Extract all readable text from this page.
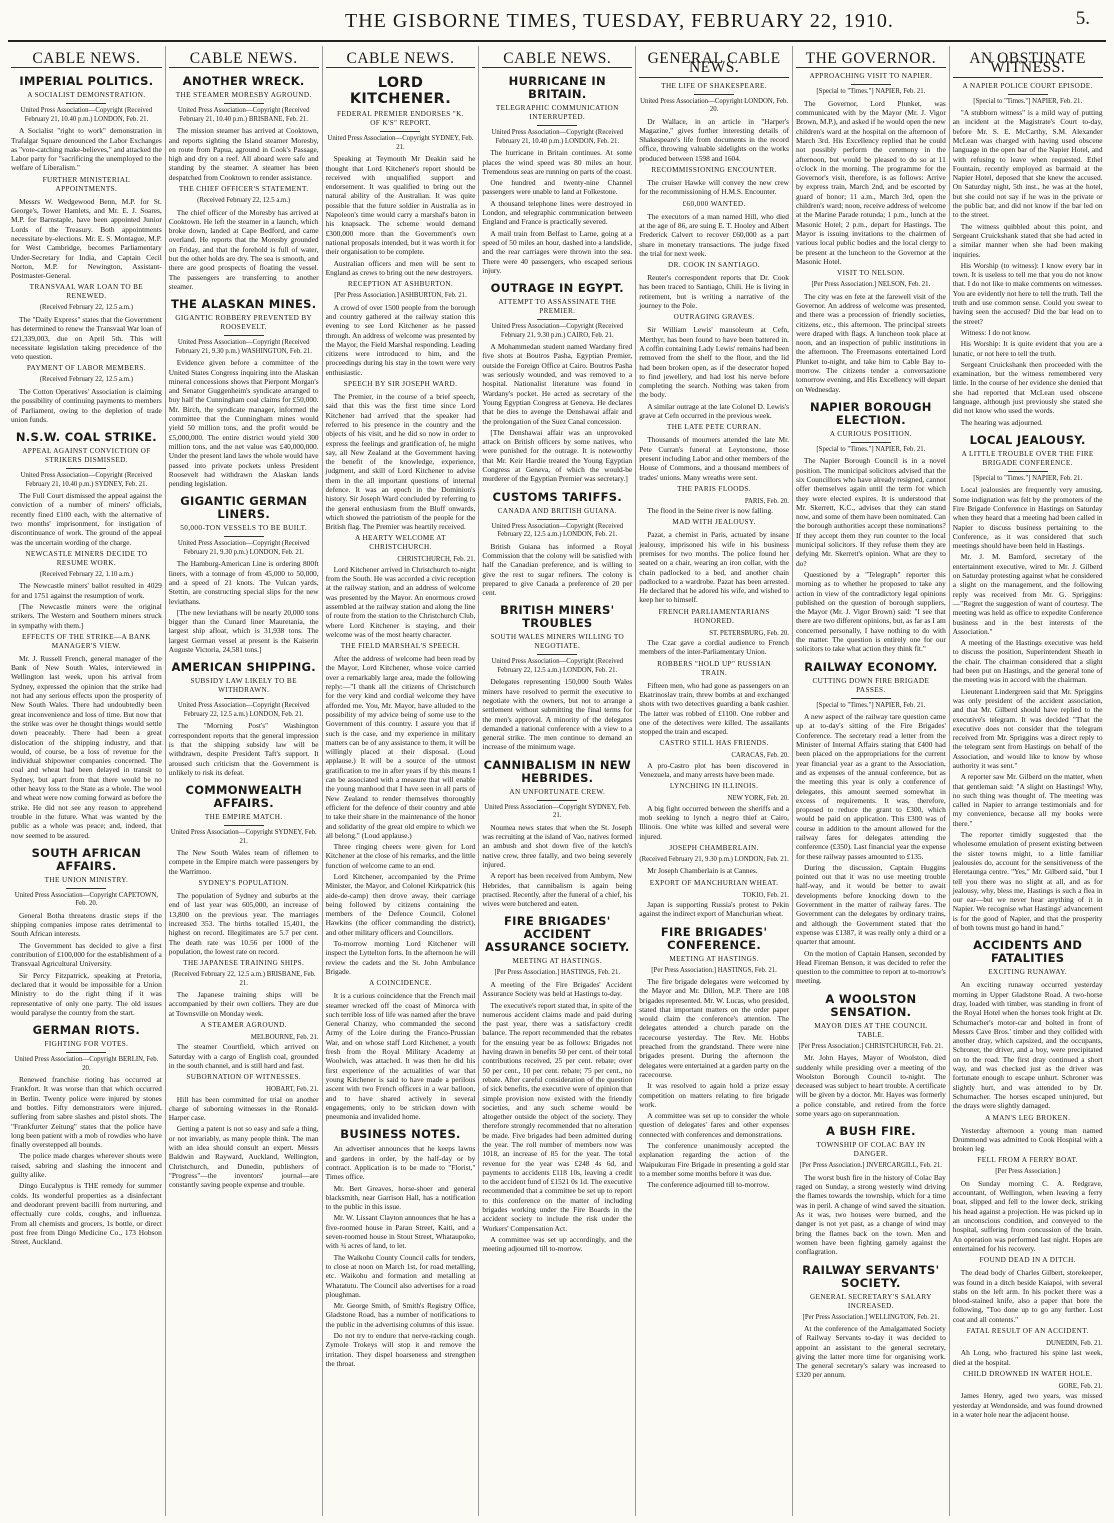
THE GISBORNE TIMES, TUESDAY, FEBRUARY 22, 1910.	5.
CABLE NEWS.
IMPERIAL POLITICS.
A SOCIALIST DEMONSTRATION.
United Press Association—Copyright (Received February 21, 10.40 p.m.) LONDON, Feb. 21.
A Socialist "right to work" demonstration in Trafalgar Square denounced the Labor Exchanges as "vote-catching make-believes," and attacked the Labor party for "sacrificing the unemployed to the welfare of Liberalism."
FURTHER MINISTERIAL APPOINTMENTS.
Messrs W. Wedgewood Benn, M.P. for St. George's, Tower Hamlets, and Mr. E. J. Soares, M.P. for Barnstaple, have been appointed Junior Lords of the Treasury. Both appointments necessitate by-elections. Mr. E. S. Montague, M.P. for West Cambridge, becomes Parliamentary Under-Secretary for India, and Captain Cecil Norton, M.P. for Newington, Assistant-Postmaster-General.
TRANSVAAL WAR LOAN TO BE RENEWED.
(Received February 22, 12.5 a.m.)
The "Daily Express" states that the Government has determined to renew the Transvaal War loan of £21,339,003, due on April 5th. This will necessitate legislation taking precedence of the veto question.
PAYMENT OF LABOR MEMBERS.
(Received February 22, 12.5 a.m.)
The Cotton Operatives' Association is claiming the possibility of continuing payments to members of Parliament, owing to the depletion of trade union funds.
N.S.W. COAL STRIKE.
APPEAL AGAINST CONVICTION OF STRIKERS DISMISSED.
United Press Association—Copyright (Received February 21, 10.40 p.m.) SYDNEY, Feb. 21.
The Full Court dismissed the appeal against the conviction of a number of miners' officials, recently fined £100 each, with the alternative of two months' imprisonment, for instigation of discontinuance of work. The ground of the appeal was the uncertain wording of the charge.
NEWCASTLE MINERS DECIDE TO RESUME WORK.
(Received February 22, 1.10 a.m.)
The Newcastle miners' ballot resulted in 4029 for and 1751 against the resumption of work.
[The Newcastle miners were the original strikers. The Western and Southern miners struck in sympathy with them.]
EFFECTS OF THE STRIKE—A BANK MANAGER'S VIEW.
Mr. J. Russell French, general manager of the Bank of New South Wales, interviewed in Wellington last week, upon his arrival from Sydney, expressed the opinion that the strike had not had any serious effects upon the prosperity of New South Wales. There had undoubtedly been great inconvenience and loss of time. But now that the strike was over he thought things would settle down peaceably. There had been a great dislocation of the shipping industry, and that would, of course, be a loss of revenue for the individual shipowner companies concerned. The coal and wheat had been delayed in transit to Sydney, but apart from that there would be no other heavy loss to the State as a whole. The wool and wheat were now coming forward as before the strike. He did not see any reason to apprehend trouble in the future. What was wanted by the public as a whole was peace; and, indeed, that now seemed to be assured.
SOUTH AFRICAN AFFAIRS.
THE UNION MINISTRY.
United Press Association—Copyright CAPETOWN, Feb. 20.
General Botha threatens drastic steps if the shipping companies impose rates detrimental to South African interests.
The Government has decided to give a first contribution of £100,000 for the establishment of a Transvaal Agricultural University.
Sir Percy Fitzpatrick, speaking at Pretoria, declared that it would be impossible for a Union Ministry to do the right thing if it was representative of only one party. The old issues would paralyse the country from the start.
GERMAN RIOTS.
FIGHTING FOR VOTES.
United Press Association—Copyright BERLIN, Feb. 20.
Renewed franchise rioting has occurred at Frankfort. It was worse than that which occurred in Berlin. Twenty police were injured by stones and bottles. Fifty demonstrators were injured, suffering from sabre slashes and pistol shots. The "Frankfurter Zeitung" states that the police have long been patient with a mob of rowdies who have finally overstepped all bounds.
The police made charges wherever shouts were raised, sabring and slashing the innocent and guilty alike.
Dingo Eucalyptus is THE remedy for summer colds. Its wonderful properties as a disinfectant and deodorant prevent bacilli from nurturing, and effectually cure colds, coughs, and influenza. From all chemists and grocers, 1s bottle, or direct post free from Dingo Medicine Co., 173 Hobson Street, Auckland.
CABLE NEWS.
ANOTHER WRECK.
THE STEAMER MORESBY AGROUND.
United Press Association—Copyright (Received February 21, 10.40 p.m.) BRISBANE, Feb. 21.
The mission steamer has arrived at Cooktown, and reports sighting the Island steamer Moresby, en route from Papua, aground in Cook's Passage, high and dry on a reef. All aboard were safe and standing by the steamer. A steamer has been despatched from Cooktown to render assistance.
THE CHIEF OFFICER'S STATEMENT.
(Received February 22, 12.5 a.m.)
The chief officer of the Moresby has arrived at Cooktown. He left the steamer in a launch, which broke down, landed at Cape Bedford, and came overland. He reports that the Moresby grounded on Friday, and that the forehold is full of water, but the other holds are dry. The sea is smooth, and there are good prospects of floating the vessel. The passengers are transferring to another steamer.
THE ALASKAN MINES.
GIGANTIC ROBBERY PREVENTED BY ROOSEVELT.
United Press Association—Copyright (Received February 21, 9.30 p.m.) WASHINGTON, Feb. 21.
Evidence given before a committee of the United States Congress inquiring into the Alaskan mineral concessions shows that Pierpont Morgan's and Senator Guggenheim's syndicate arranged to buy half the Cunningham coal claims for £50,000. Mr. Birch, the syndicate manager, informed the committee that the Cunningham mines would yield 50 million tons, and the profit would be £5,000,000. The entire district would yield 300 million tons, and the net value was £40,000,000. Under the present land laws the whole would have passed into private pockets unless President Roosevelt had withdrawn the Alaskan lands pending legislation.
GIGANTIC GERMAN LINERS.
50,000-TON VESSELS TO BE BUILT.
United Press Association—Copyright (Received February 21, 9.30 p.m.) LONDON, Feb. 21.
The Hamburg-American Line is ordering 800ft liners, with a tonnage of from 45,000 to 50,000, and a speed of 21 knots. The Vulcan yards, Stettin, are constructing special slips for the new leviathans.
[The new leviathans will be nearly 20,000 tons bigger than the Cunard liner Mauretania, the largest ship afloat, which is 31,938 tons. The largest German vessel at present is the Kaiserin Auguste Victoria, 24,581 tons.]
AMERICAN SHIPPING.
SUBSIDY LAW LIKELY TO BE WITHDRAWN.
United Press Association—Copyright (Received February 22, 12.5 a.m.) LONDON, Feb. 21.
The "Morning Post's" Washington correspondent reports that the general impression is that the shipping subsidy law will be withdrawn, despite President Taft's support. It aroused such criticism that the Government is unlikely to risk its defeat.
COMMONWEALTH AFFAIRS.
THE EMPIRE MATCH.
United Press Association—Copyright SYDNEY, Feb. 21.
The New South Wales team of riflemen to compete in the Empire match were passengers by the Warrimoo.
SYDNEY'S POPULATION.
The population of Sydney and suburbs at the end of last year was 605,000, an increase of 13,800 on the previous year. The marriages increased 353. The births totalled 15,401, the highest on record. Illegitimates are 5.7 per cent. The death rate was 10.56 per 1000 of the population, the lowest rate on record.
THE JAPANESE TRAINING SHIPS.
(Received February 22, 12.5 a.m.) BRISBANE, Feb. 21.
The Japanese training ships will be accompanied by their own colliers. They are due at Townsville on Monday week.
A STEAMER AGROUND.
MELBOURNE, Feb. 21.
The steamer Courtfield, which arrived on Saturday with a cargo of English coal, grounded in the south channel, and is still hard and fast.
SUBORNATION OF WITNESSES.
HOBART, Feb. 21.
Hill has been committed for trial on another charge of suborning witnesses in the Ronald-Harper case.
Getting a patent is not so easy and safe a thing, or not invariably, as many people think. The man with an idea should consult an expert. Messrs Baldwin and Rayward, Auckland, Wellington, Christchurch, and Dunedin, publishers of "Progress"—the inventors' journal—are constantly saving people expense and trouble.
CABLE NEWS.
LORD KITCHENER.
FEDERAL PREMIER ENDORSES "K. OF K'S" REPORT.
United Press Association—Copyright SYDNEY, Feb. 21.
Speaking at Teymouth Mr Deakin said he thought that Lord Kitchener's report should be received with unqualified support and endorsement. It was qualified to bring out the natural ability of the Australian. It was quite possible that the future soldier in Australia as in Napoleon's time would carry a marshal's baton in his knapsack. The scheme would demand £300,000 more than the Government's own national proposals intended, but it was worth it for their organisation to be complete.
Australian officers and men will be sent to England as crews to bring out the new destroyers.
RECEPTION AT ASHBURTON.
[Per Press Association.] ASHBURTON, Feb. 21.
A crowd of over 1500 people from the borough and country gathered at the railway station this evening to see Lord Kitchener as he passed through. An address of welcome was presented by the Mayor, the Field Marshal responding. Leading citizens were introduced to him, and the proceedings during his stay in the town were very enthusiastic.
SPEECH BY SIR JOSEPH WARD.
The Premier, in the course of a brief speech, said that this was the first time since Lord Kitchener had arrived that the speaker had referred to his presence in the country and the objects of his visit, and he did so now in order to express the feelings and gratification of, he might say, all New Zealand at the Government having the benefit of the knowledge, experience, judgment, and skill of Lord Kitchener to advise them in the all important questions of internal defence. It was an epoch in the Dominion's history. Sir Joseph Ward concluded by referring to the general enthusiasm from the Bluff onwards, which showed the patriotism of the people for the British flag. The Premier was heartily received.
A HEARTY WELCOME AT CHRISTCHURCH.
CHRISTCHURCH, Feb. 21.
Lord Kitchener arrived in Christchurch to-night from the South. He was accorded a civic reception at the railway station, and an address of welcome was presented by the Mayor. An enormous crowd assembled at the railway station and along the line of route from the station to the Christchurch Club, where Lord Kitchener is staying, and their welcome was of the most hearty character.
THE FIELD MARSHAL'S SPEECH.
After the address of welcome had been read by the Mayor, Lord Kitchener, whose voice carried over a remarkably large area, made the following reply:—"I thank all the citizens of Christchurch for the very kind and cordial welcome they have afforded me. You, Mr. Mayor, have alluded to the possibility of my advice being of some use to the Government of this country. I assure you that if such is the case, and my experience in military matters can be of any assistance to them, it will be willingly placed at their disposal. (Loud applause.) It will be a source of the utmost gratification to me in after years if by this means I can be associated with a measure that will enable the young manhood that I have seen in all parts of New Zealand to render themselves thoroughly efficient for the defence of their country and able to take their share in the maintenance of the honor and solidarity of the great old empire to which we all belong." (Loud applause.)
Three ringing cheers were given for Lord Kitchener at the close of his remarks, and the little function of welcome came to an end.
Lord Kitchener, accompanied by the Prime Minister, the Mayor, and Colonel Kirkpatrick (his aide-de-camp) then drove away, their carriage being followed by citizens containing the members of the Defence Council, Colonel Hawkins (the officer commanding the district), and other military officers and Councillors.
To-morrow morning Lord Kitchener will inspect the Lyttelton forts. In the afternoon he will review the cadets and the St. John Ambulance Brigade.
A COINCIDENCE.
It is a curious coincidence that the French mail steamer wrecked off the coast of Minorca with such terrible loss of life was named after the brave General Chanzy, who commanded the second Army of the Loire during the Franco-Prussian War, and on whose staff Lord Kitchener, a youth fresh from the Royal Military Academy at Woolwich, was attached. It was then he did his first experience of the actualities of war that young Kitchener is said to have made a perilous ascent with two French officers in a war balloon, and to have shared actively in several engagements, only to be stricken down with pneumonia and invalided home.
BUSINESS NOTES.
An advertiser announces that he keeps lawns and gardens in order, by the half-day or by contract. Application is to be made to "Florist," Times office.
Mr. Bert Greaves, horse-shoer and general blacksmith, near Garrison Hall, has a notification to the public in this issue.
Mr. W. Lissant Clayton announces that he has a five-roomed house in Parau Street, Kaiti, and a seven-roomed house in Stout Street, Whataupoko, with ¾ acres of land, to let.
The Waikohu County Council calls for tenders, to close at noon on March 1st, for road metalling, etc. Waikohu and formation and metalling at Whatatutu. The Council also advertises for a road ploughman.
Mr. George Smith, of Smith's Registry Office, Gladstone Road, has a number of notifications to the public in the advertising columns of this issue.
Do not try to endure that nerve-racking cough. Zymole Trokeys will stop it and remove the irritation. They dispel hoarseness and strengthen the throat.
CABLE NEWS.
HURRICANE IN BRITAIN.
TELEGRAPHIC COMMUNICATION INTERRUPTED.
United Press Association—Copyright (Received February 21, 10.40 p.m.) LONDON, Feb. 21.
The hurricane in Britain continues. At some places the wind speed was 80 miles an hour. Tremendous seas are running on parts of the coast.
One hundred and twenty-nine Channel passengers were unable to land at Folkestone.
A thousand telephone lines were destroyed in London, and telegraphic communication between England and France is practically severed.
A mail train from Belfast to Larne, going at a speed of 50 miles an hour, dashed into a landslide, and the rear carriages were thrown into the sea. There were 40 passengers, who escaped serious injury.
OUTRAGE IN EGYPT.
ATTEMPT TO ASSASSINATE THE PREMIER.
United Press Association—Copyright (Received February 21, 9.30 p.m.) CAIRO, Feb. 21.
A Mohammedan student named Wardany fired five shots at Boutros Pasha, Egyptian Premier, outside the Foreign Office at Cairo. Boutros Pasha was seriously wounded, and was removed to a hospital. Nationalist literature was found in Wardany's pocket. He acted as secretary of the Young Egyptian Congress at Geneva. He declares that he dies to avenge the Denshawai affair and the prolongation of the Suez Canal concession.
[The Denshawai affair was an unprovoked attack on British officers by some natives, who were punished for the outrage. It is noteworthy that Mr. Keir Hardie treated the Young Egyptian Congress at Geneva, of which the would-be murderer of the Egyptian Premier was secretary.]
CUSTOMS TARIFFS.
CANADA AND BRITISH GUIANA.
United Press Association—Copyright (Received February 22, 12.5 a.m.) LONDON, Feb. 21.
British Guiana has informed a Royal Commission that the colony will be satisfied with half the Canadian preference, and is willing to give the rest to sugar refiners. The colony is prepared to give Canada a preference of 20 per cent.
BRITISH MINERS' TROUBLES
SOUTH WALES MINERS WILLING TO NEGOTIATE.
United Press Association—Copyright (Received February 22, 12.5 a.m.) LONDON, Feb. 21.
Delegates representing 150,000 South Wales miners have resolved to permit the executive to negotiate with the owners, but not to arrange a settlement without submitting the final terms for the men's approval. A minority of the delegates demanded a national conference with a view to a general strike. The men continue to demand an increase of the minimum wage.
CANNIBALISM IN NEW HEBRIDES.
AN UNFORTUNATE CREW.
United Press Association—Copyright SYDNEY, Feb. 21.
Noumea news states that when the St. Joseph was recruiting at the island of Vao, natives formed an ambush and shot down five of the ketch's native crew, three fatally, and two being severely injured.
A report has been received from Ambym, New Hebrides, that cannibalism is again being practised. Recently, after the funeral of a chief, his wives were butchered and eaten.
FIRE BRIGADES' ACCIDENT ASSURANCE SOCIETY.
MEETING AT HASTINGS.
[Per Press Association.] HASTINGS, Feb. 21.
A meeting of the Fire Brigades' Accident Assurance Society was held at Hastings to-day.
The executive's report stated that, in spite of the numerous accident claims made and paid during the past year, there was a satisfactory credit balance. The report recommended that the rebates for the ensuing year be as follows: Brigades not having drawn in benefits 50 per cent. of their total contributions received, 25 per cent. rebate; over 50 per cent., 10 per cent. rebate; 75 per cent., no rebate. After careful consideration of the question of sick benefits, the executive were of opinion that simple provision now existed with the friendly societies, and any such scheme would be altogether outside the object of the society. They therefore strongly recommended that no alteration be made. Five brigades had been admitted during the year. The roll number of members now was 1018, an increase of 85 for the year. The total revenue for the year was £248 4s 6d, and payments to accidents £118 10s, leaving a credit to the accident fund of £1521 0s 1d. The executive recommended that a committee be set up to report to this conference on the matter of including brigades working under the Fire Boards in the accident society to include the risk under the Workers' Compensation Act.
A committee was set up accordingly, and the meeting adjourned till to-morrow.
GENERAL CABLE NEWS.
THE LIFE OF SHAKESPEARE.
United Press Association—Copyright LONDON, Feb. 20.
Dr Wallace, in an article in "Harper's Magazine," gives further interesting details of Shakespeare's life from documents in the record office, throwing valuable sidelights on the works produced between 1598 and 1604.
RECOMMISSIONING ENCOUNTER.
The cruiser Hawke will convey the new crew for the recommissioning of H.M.S. Encounter.
£60,000 WANTED.
The executors of a man named Hill, who died at the age of 86, are suing E. T. Hooley and Albert Frederick Calvert to recover £60,000 as a part share in monetary transactions. The judge fixed the trial for next week.
DR. COOK IN SANTIAGO.
Reuter's correspondent reports that Dr. Cook has been traced to Santiago, Chili. He is living in retirement, but is writing a narrative of the journey to the Pole.
OUTRAGING GRAVES.
Sir William Lewis' mausoleum at Cefn, Merthyr, has been found to have been battered in. A coffin containing Lady Lewis' remains had been removed from the shelf to the floor, and the lid had been broken open, as if the desecrator hoped to find jewellery, and had lost his nerve before completing the search. Nothing was taken from the body.
A similar outrage at the late Colonel D. Lewis's grave at Cefn occurred in the previous week.
THE LATE PETE CURRAN.
Thousands of mourners attended the late Mr. Pete Curran's funeral at Leytonstone, those present including Labor and other members of the House of Commons, and a thousand members of trades' unions. Many wreaths were sent.
THE PARIS FLOODS.
PARIS, Feb. 20.
The flood in the Seine river is now falling.
MAD WITH JEALOUSY.
Pazat, a chemist in Paris, actuated by insane jealousy, imprisoned his wife in his business premises for two months. The police found her seated on a chair, wearing an iron collar, with the chain padlocked to a bed, and another chain padlocked to a wardrobe. Pazat has been arrested. He declared that he adored his wife, and wished to keep her to himself.
FRENCH PARLIAMENTARIANS HONORED.
ST. PETERSBURG, Feb. 20.
The Czar gave a cordial audience to French members of the inter-Parliamentary Union.
ROBBERS "HOLD UP" RUSSIAN TRAIN.
Fifteen men, who had gone as passengers on an Ekatrinoslav train, threw bombs at and exchanged shots with two detectives guarding a bank cashier. The latter was robbed of £1100. One robber and one of the detectives were killed. The assailants stopped the train and escaped.
CASTRO STILL HAS FRIENDS.
CARACAS, Feb. 20.
A pro-Castro plot has been discovered in Venezuela, and many arrests have been made.
LYNCHING IN ILLINOIS.
NEW YORK, Feb. 20.
A big fight occurred between the sheriffs and a mob seeking to lynch a negro thief at Cairo, Illinois. One white was killed and several were injured.
JOSEPH CHAMBERLAIN.
(Received February 21, 9.30 p.m.) LONDON, Feb. 21.
Mr Joseph Chamberlain is at Cannes.
EXPORT OF MANCHURIAN WHEAT.
TOKIO, Feb. 21.
Japan is supporting Russia's protest to Pekin against the indirect export of Manchurian wheat.
FIRE BRIGADES' CONFERENCE.
MEETING AT HASTINGS.
[Per Press Association.] HASTINGS, Feb. 21.
The fire brigade delegates were welcomed by the Mayor and Mr. Dillon, M.P. There are 108 brigades represented. Mr. W. Lucas, who presided, stated that important matters on the order paper would claim the conference's attention. The delegates attended a church parade on the racecourse yesterday. The Rev. Mr. Hobbs preached from the grandstand. There were nine brigades present. During the afternoon the delegates were entertained at a garden party on the racecourse.
It was resolved to again hold a prize essay competition on matters relating to fire brigade work.
A committee was set up to consider the whole question of delegates' fares and other expenses connected with conferences and demonstrations.
The conference unanimously accepted the explanation regarding the action of the Waipukurau Fire Brigade in presenting a gold star to a member some months before it was due.
The conference adjourned till to-morrow.
THE GOVERNOR.
APPROACHING VISIT TO NAPIER.
[Special to "Times."] NAPIER, Feb. 21.
The Governor, Lord Plunket, was communicated with by the Mayor (Mr. J. Vigor Brown, M.P.), and asked if he would open the new children's ward at the hospital on the afternoon of March 3rd. His Excellency replied that he could not possibly perform the ceremony in the afternoon, but would be pleased to do so at 11 o'clock in the morning. The programme for the Governor's visit, therefore, is as follows: Arrive by express train, March 2nd, and be escorted by guard of honor; 11 a.m., March 3rd, open the children's ward; noon, receive address of welcome at the Marine Parade rotunda; 1 p.m., lunch at the Masonic Hotel; 2 p.m., depart for Hastings. The Mayor is issuing invitations to the chairmen of various local public bodies and the local clergy to be present at the luncheon to the Governor at the Masonic Hotel.
VISIT TO NELSON.
[Per Press Association.] NELSON, Feb. 21.
The city was en fete at the farewell visit of the Governor. An address of welcome was presented, and there was a procession of friendly societies, citizens, etc., this afternoon. The principal streets were draped with flags. A luncheon took place at noon, and an inspection of public institutions in the afternoon. The Freemasons entertained Lord Plunket to-night, and take him to Cable Bay to-morrow. The citizens tender a conversazione tomorrow evening, and His Excellency will depart on Wednesday.
NAPIER BOROUGH ELECTION.
A CURIOUS POSITION.
[Special to "Times."] NAPIER, Feb. 21.
The Napier Borough Council is in a novel position. The municipal solicitors advised that the six Councillors who have already resigned, cannot offer themselves again until the term for which they were elected expires. It is understood that Mr. Skerrett, K.C., advises that they can stand now, and some of them have been nominated. Can the borough authorities accept these nominations? If they accept them they run counter to the local municipal solicitors. If they refuse them they are defying Mr. Skerrett's opinion. What are they to do?
Questioned by a "Telegraph" reporter this morning as to whether he proposed to take any action in view of the contradictory legal opinions published on the question of borough suppliers, the Mayor (Mr. J. Vigor Brown) said: "I see that there are two different opinions, but, as far as I am concerned personally, I have nothing to do with the matter. The question is entirely one for our solicitors to take what action they think fit."
RAILWAY ECONOMY.
CUTTING DOWN FIRE BRIGADE PASSES.
[Special to "Times."] NAPIER, Feb. 21.
A new aspect of the railway tare question came up at to-day's sitting of the Fire Brigades' Conference. The secretary read a letter from the Minister of Internal Affairs stating that £400 had been placed on the appropriations for the current year financial year as a grant to the Association, and as expenses of the annual conference, but as the meeting this year is only a conference of delegates, this amount seemed somewhat in excess of requirements. It was, therefore, proposed to reduce the grant to £300, which would be paid on application. This £300 was of course in addition to the amount allowed for the railway fares for delegates attending the conference (£350). Last financial year the expense for these railway passes amounted to £135.
During the discussion, Captain Huggins pointed out that it was no use meeting trouble half-way, and it would be better to await developments before knocking down to the Government in the matter of railway fares. The Government can the delegates by ordinary trains, and although the Government stated that the expense was £1387, it was really only a third or a quarter that amount.
On the motion of Captain Hansen, seconded by Head Fireman Benson, it was decided to refer the question to the committee to report at to-morrow's meeting.
A WOOLSTON SENSATION.
MAYOR DIES AT THE COUNCIL TABLE.
[Per Press Association.] CHRISTCHURCH, Feb. 21.
Mr. John Hayes, Mayor of Woolston, died suddenly while presiding over a meeting of the Woolston Borough Council to-night. The deceased was subject to heart trouble. A certificate will be given by a doctor. Mr. Hayes was formerly a police constable, and retired from the force some years ago on superannuation.
A BUSH FIRE.
TOWNSHIP OF COLAC BAY IN DANGER.
[Per Press Association.] INVERCARGILL, Feb. 21.
The worst bush fire in the history of Colac Bay raged on Sunday, a strong westerly wind driving the flames towards the township, which for a time was in peril. A change of wind saved the situation. As it was, two houses were burned, and the danger is not yet past, as a change of wind may bring the flames back on the town. Men and women have been fighting gamely against the conflagration.
RAILWAY SERVANTS' SOCIETY.
GENERAL SECRETARY'S SALARY INCREASED.
[Per Press Association.] WELLINGTON, Feb. 21.
At the conference of the Amalgamated Society of Railway Servants to-day it was decided to appoint an assistant to the general secretary, giving the latter more time for organising work. The general secretary's salary was increased to £320 per annum.
AN OBSTINATE WITNESS.
A NAPIER POLICE COURT EPISODE.
[Special to "Times."] NAPIER, Feb. 21.
"A stubborn witness" is a mild way of putting an incident at the Magistrate's Court to-day, before Mr. S. E. McCarthy, S.M. Alexander McLean was charged with having used obscene language in the open bar of the Napier Hotel, and with refusing to leave when requested. Ethel Fountain, recently employed as barmaid at the Napier Hotel, deposed that she knew the accused. On Saturday night, 5th inst., he was at the hotel, but she could not say if he was in the private or the public bar, and did not know if the bar led on to the street.
The witness quibbled about this point, and Sergeant Cruickshank stated that she had acted in a similar manner when she had been making inquiries.
His Worship (to witness): I know every bar in town. It is useless to tell me that you do not know that. I do not like to make comments on witnesses. You are evidently not here to tell the truth. Tell the truth and use common sense. Could you swear to having seen the accused? Did the bar lead on to the street?
Witness: I do not know.
His Worship: It is quite evident that you are a lunatic, or not here to tell the truth.
Sergeant Cruickshank then proceeded with the examination, but the witness remembered very little. In the course of her evidence she denied that she had reported that McLean used obscene language, although just previously she stated she did not know who used the words.
The hearing was adjourned.
LOCAL JEALOUSY.
A LITTLE TROUBLE OVER THE FIRE BRIGADE CONFERENCE.
[Special to "Times."] NAPIER, Feb. 21.
Local jealousies are frequently very amusing. Some indignation was felt by the promoters of the Fire Brigade Conference in Hastings on Saturday when they heard that a meeting had been called in Napier to discuss business pertaining to the Conference, as it was considered that such meetings should have been held in Hastings.
Mr. J. M. Bamford, secretary of the entertainment executive, wired to Mr. J. Gilberd on Saturday protesting against what he considered a slight on the management, and the following reply was received from Mr. G. Spriggins:—"Regret the suggestion of want of courtesy. The meeting was held as office to expedite Conference business and in the best interests of the Association."
A meeting of the Hastings executive was held to discuss the position, Superintendent Sheath in the chair. The chairman considered that a slight had been put on Hastings, and the general tone of the meeting was in accord with the chairman.
Lieutenant Lindergreen said that Mr. Spriggins was only president of the accident association, and that Mr. Gilberd should have replied to the executive's telegram. It was decided "That the executive does not consider that the telegram received from Mr. Spriggins was a direct reply to the telegram sent from Hastings on behalf of the Association, and would like to know by whose authority it was sent."
A reporter saw Mr. Gilberd on the matter, when that gentleman said: "A slight on Hastings! Why, no such thing was thought of. The meeting was called in Napier to arrange testimonials and for my convenience, because all my books were there."
The reporter timidly suggested that the wholesome emulation of present existing between the sister towns might, to a little familiar jealousies do, account for the sensitiveness of the Heretaunga centre. "Yes," Mr. Gilberd said, "but I tell you there was no slight at all, and as for jealousy, why, bless me, Hastings is such a flea in our ear—but we never hear anything of it in Napier. We recognise what Hastings' advancement is for the good of Napier, and that the prosperity of both towns must go hand in hand."
ACCIDENTS AND FATALITIES
EXCITING RUNAWAY.
An exciting runaway occurred yesterday morning in Upper Gladstone Road. A two-horse dray, loaded with timber, was standing in front of the Royal Hotel when the horses took fright at Dr. Schumacher's motor-car and bolted in front of Messrs Cave Bros.' timber and they collided with another dray, which capsized, and the occupants, Schroner, the driver, and a boy, were precipitated on to the road. The first dray continued a short way, and was checked just as the driver was fortunate enough to escape unhurt. Schroner was slightly hurt, and was attended to by Dr. Schumacher. The horses escaped uninjured, but the drays were slightly damaged.
A MAN'S LEG BROKEN.
Yesterday afternoon a young man named Drummond was admitted to Cook Hospital with a broken leg.
FELL FROM A FERRY BOAT.
[Per Press Association.]
On Sunday morning C. A. Redgrave, accountant, of Wellington, when leaving a ferry boat, slipped and fell to the lower deck, striking his head against a projection. He was picked up in an unconscious condition, and conveyed to the hospital, suffering from concussion of the brain. An operation was performed last night. Hopes are entertained for his recovery.
FOUND DEAD IN A DITCH.
The dead body of Charles Gilbert, storekeeper, was found in a ditch beside Kaiapoi, with several stabs on the left arm. In his pocket there was a blood-stained knife, also a paper that bore the following, "Too done up to go any further. Lost coat and all contents."
FATAL RESULT OF AN ACCIDENT.
DUNEDIN, Feb. 21.
Ah Long, who fractured his spine last week, died at the hospital.
CHILD DROWNED IN WATER HOLE.
GORE, Feb. 21.
James Henry, aged two years, was missed yesterday at Wendonside, and was found drowned in a water hole near the adjacent house.
